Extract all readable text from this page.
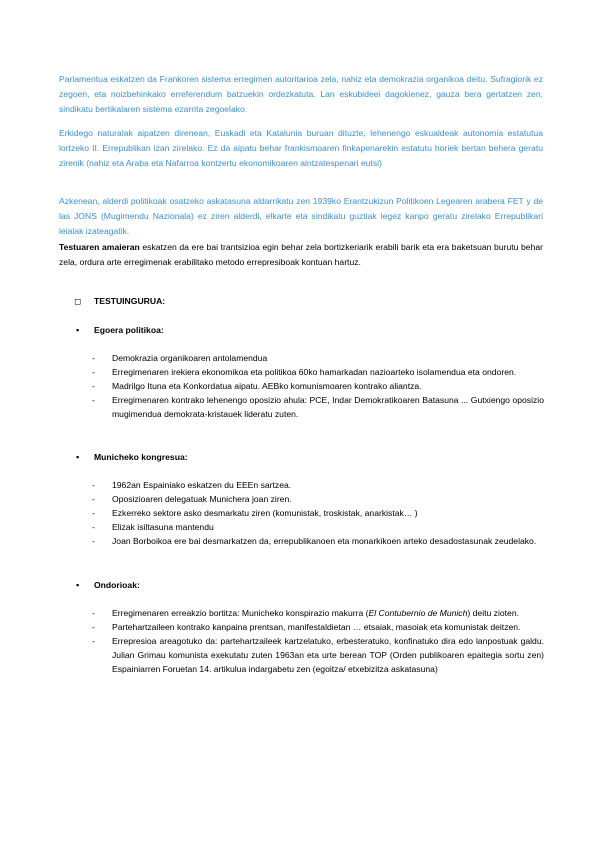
Parlamentua eskatzen da Frankoren sistema erregimen autoritarioa zela, nahiz eta demokrazia organikoa deitu. Sufragiorik ez zegoen, eta noizbehinkako erreferendum batzuekin ordezkatuta. Lan eskubideei dagokienez, gauza bera gertatzen zen, sindikatu bertikalaren sistema ezarrita zegoelako.

Erkidego naturalak aipatzen direnean, Euskadi eta Katalunia buruan dituzte, lehenengo eskualdeak autonomia estatutua lortzeko II. Errepublikan izan zirelako. Ez da aipatu behar frankismoaren finkapenarekin estatutu horiek bertan behera geratu zirenik (nahiz eta Araba eta Nafarroa kontzertu ekonomikoaren aintzatespenari eutsi)

Azkenean, alderdi politikoak osatzeko askatasuna aldarrikatu zen 1939ko Erantzukizun Politikoen Legearen arabera FET y de las JONS (Mugimendu Nazionala) ez ziren alderdi, elkarte eta sindikatu guztiak legez kanpo geratu zirelako Errepublikari leialak izateagatik.

Testuaren amaieran eskatzen da ere bai trantsizioa egin behar zela bortizkeriarik erabili barik eta era baketsuan burutu behar zela, ordura arte erregimenak erabilitako metodo errepresiboak kontuan hartuz.

◻ TESTUINGURUA:

▪ Egoera politikoa:

- Demokrazia organikoaren antolamendua
- Erregimenaren irekiera ekonomikoa eta politikoa 60ko hamarkadan nazioarteko isolamendua eta ondoren.
- Madrilgo Ituna eta Konkordatua aipatu. AEBko komunismoaren kontrako aliantza.
- Erregimenaren kontrako lehenengo oposizio ahula: PCE, Indar Demokratikoaren Batasuna ... Gutxiengo oposizio mugimendua demokrata-kristauek lideratu zuten.
▪ Municheko kongresua:

- 1962an Espainiako eskatzen du EEEn sartzea.
- Oposizioaren delegatuak Munichera joan ziren.
- Ezkerreko sektore asko desmarkatu ziren (komunistak, troskistak, anarkistak… )
- Elizak isiltasuna mantendu
- Joan Borboikoa ere bai desmarkatzen da, errepublikanoen eta monarkikoen arteko desadostasunak zeudelako.
▪ Ondorioak:

- Erregimenaren erreakzio bortitza: Municheko konspirazio makurra (El Contubernio de Munich) deitu zioten.
- Partehartzaileen kontrako kanpaina prentsan, manifestaldietan … etsaiak, masoiak eta komunistak deitzen.
- Errepresioa areagotuko da: partehartzaileek kartzelatuko, erbesteratuko, konfinatuko dira edo lanpostuak galdu. Julian Grimau komunista exekutatu zuten 1963an eta urte berean TOP (Orden publikoaren epaitegia sortu zen) Espainiarren Foruetan 14. artikulua indargabetu zen (egoitza/ etxebizitza askatasuna)
